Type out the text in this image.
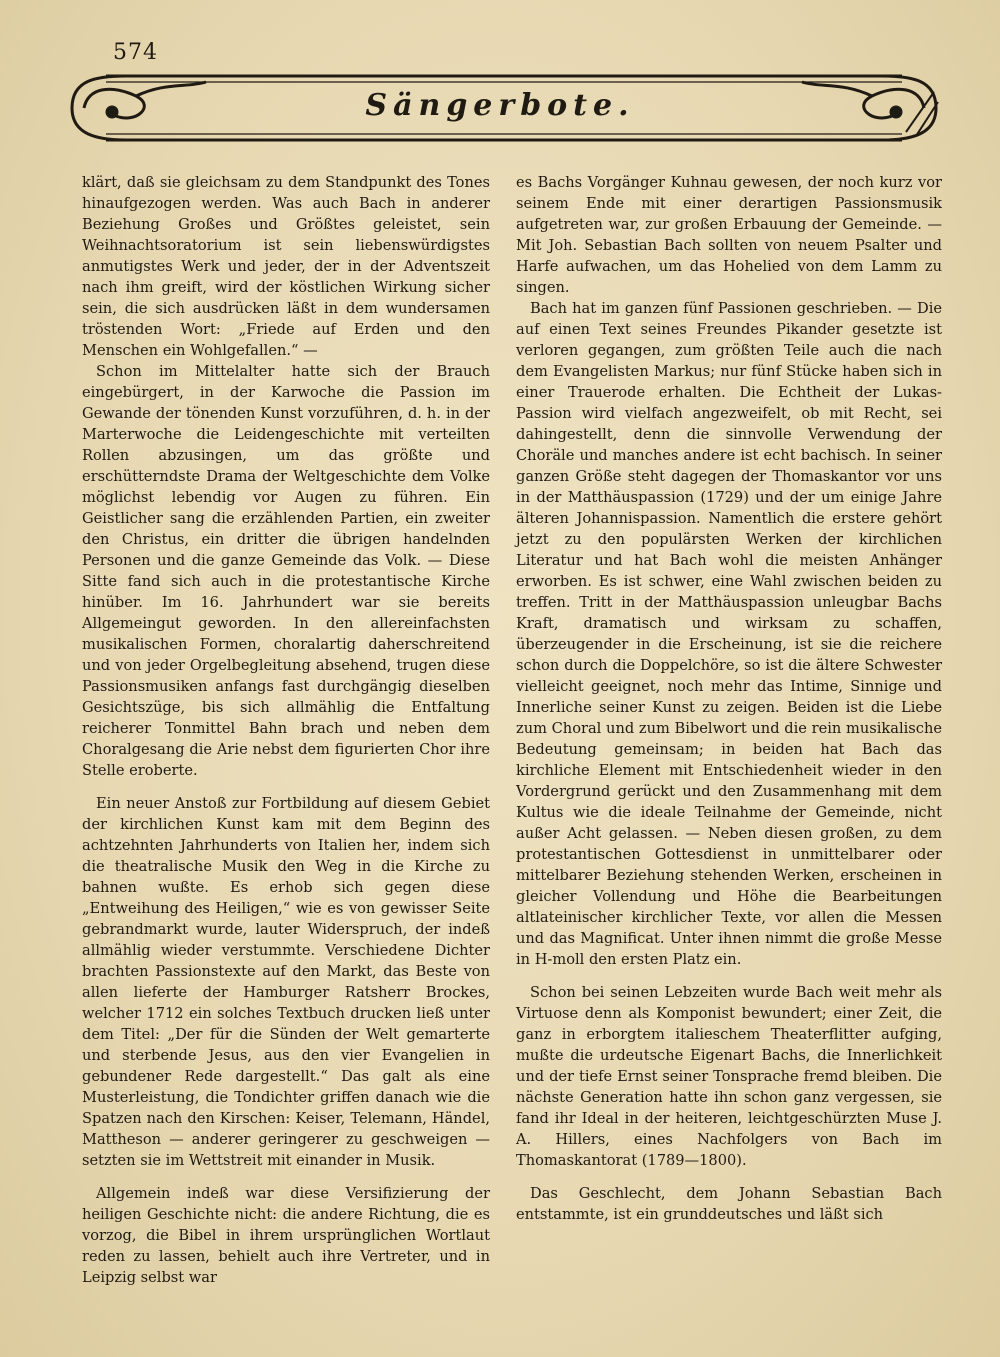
574
Sängerbote.

klärt, daß sie gleichsam zu dem Standpunkt des Tones hinaufgezogen werden. Was auch Bach in anderer Beziehung Großes und Größtes geleistet, sein Weihnachtsoratorium ist sein liebenswürdigstes anmutigstes Werk und jeder, der in der Adventszeit nach ihm greift, wird der köstlichen Wirkung sicher sein, die sich ausdrücken läßt in dem wundersamen tröstenden Wort: „Friede auf Erden und den Menschen ein Wohlgefallen.“ —

Schon im Mittelalter hatte sich der Brauch eingebürgert, in der Karwoche die Passion im Gewande der tönenden Kunst vorzuführen, d. h. in der Marterwoche die Leidengeschichte mit verteilten Rollen abzusingen, um das größte und erschütterndste Drama der Weltgeschichte dem Volke möglichst lebendig vor Augen zu führen. Ein Geistlicher sang die erzählenden Partien, ein zweiter den Christus, ein dritter die übrigen handelnden Personen und die ganze Gemeinde das Volk. — Diese Sitte fand sich auch in die protestantische Kirche hinüber. Im 16. Jahrhundert war sie bereits Allgemeingut geworden. In den allereinfachsten musikalischen Formen, choralartig daherschreitend und von jeder Orgelbegleitung absehend, trugen diese Passionsmusiken anfangs fast durchgängig dieselben Gesichtszüge, bis sich allmählig die Entfaltung reicherer Tonmittel Bahn brach und neben dem Choralgesang die Arie nebst dem figurierten Chor ihre Stelle eroberte.

Ein neuer Anstoß zur Fortbildung auf diesem Gebiet der kirchlichen Kunst kam mit dem Beginn des achtzehnten Jahrhunderts von Italien her, indem sich die theatralische Musik den Weg in die Kirche zu bahnen wußte. Es erhob sich gegen diese „Entweihung des Heiligen,“ wie es von gewisser Seite gebrandmarkt wurde, lauter Widerspruch, der indeß allmählig wieder verstummte. Verschiedene Dichter brachten Passionstexte auf den Markt, das Beste von allen lieferte der Hamburger Ratsherr Brockes, welcher 1712 ein solches Textbuch drucken ließ unter dem Titel: „Der für die Sünden der Welt gemarterte und sterbende Jesus, aus den vier Evangelien in gebundener Rede dargestellt.“ Das galt als eine Musterleistung, die Tondichter griffen danach wie die Spatzen nach den Kirschen: Keiser, Telemann, Händel, Mattheson — anderer geringerer zu geschweigen — setzten sie im Wettstreit mit einander in Musik.

Allgemein indeß war diese Versifizierung der heiligen Geschichte nicht: die andere Richtung, die es vorzog, die Bibel in ihrem ursprünglichen Wortlaut reden zu lassen, behielt auch ihre Vertreter, und in Leipzig selbst war

es Bachs Vorgänger Kuhnau gewesen, der noch kurz vor seinem Ende mit einer derartigen Passionsmusik aufgetreten war, zur großen Erbauung der Gemeinde. — Mit Joh. Sebastian Bach sollten von neuem Psalter und Harfe aufwachen, um das Hohelied von dem Lamm zu singen.

Bach hat im ganzen fünf Passionen geschrieben. — Die auf einen Text seines Freundes Pikander gesetzte ist verloren gegangen, zum größten Teile auch die nach dem Evangelisten Markus; nur fünf Stücke haben sich in einer Trauerode erhalten. Die Echtheit der Lukas-Passion wird vielfach angezweifelt, ob mit Recht, sei dahingestellt, denn die sinnvolle Verwendung der Choräle und manches andere ist echt bachisch. In seiner ganzen Größe steht dagegen der Thomaskantor vor uns in der Matthäuspassion (1729) und der um einige Jahre älteren Johannispassion. Namentlich die erstere gehört jetzt zu den populärsten Werken der kirchlichen Literatur und hat Bach wohl die meisten Anhänger erworben. Es ist schwer, eine Wahl zwischen beiden zu treffen. Tritt in der Matthäuspassion unleugbar Bachs Kraft, dramatisch und wirksam zu schaffen, überzeugender in die Erscheinung, ist sie die reichere schon durch die Doppelchöre, so ist die ältere Schwester vielleicht geeignet, noch mehr das Intime, Sinnige und Innerliche seiner Kunst zu zeigen. Beiden ist die Liebe zum Choral und zum Bibelwort und die rein musikalische Bedeutung gemeinsam; in beiden hat Bach das kirchliche Element mit Entschiedenheit wieder in den Vordergrund gerückt und den Zusammenhang mit dem Kultus wie die ideale Teilnahme der Gemeinde, nicht außer Acht gelassen. — Neben diesen großen, zu dem protestantischen Gottesdienst in unmittelbarer oder mittelbarer Beziehung stehenden Werken, erscheinen in gleicher Vollendung und Höhe die Bearbeitungen altlateinischer kirchlicher Texte, vor allen die Messen und das Magnificat. Unter ihnen nimmt die große Messe in H-moll den ersten Platz ein.

Schon bei seinen Lebzeiten wurde Bach weit mehr als Virtuose denn als Komponist bewundert; einer Zeit, die ganz in erborgtem italieschem Theaterflitter aufging, mußte die urdeutsche Eigenart Bachs, die Innerlichkeit und der tiefe Ernst seiner Tonsprache fremd bleiben. Die nächste Generation hatte ihn schon ganz vergessen, sie fand ihr Ideal in der heiteren, leichtgeschürzten Muse J. A. Hillers, eines Nachfolgers von Bach im Thomaskantorat (1789—1800).

Das Geschlecht, dem Johann Sebastian Bach entstammte, ist ein grunddeutsches und läßt sich
